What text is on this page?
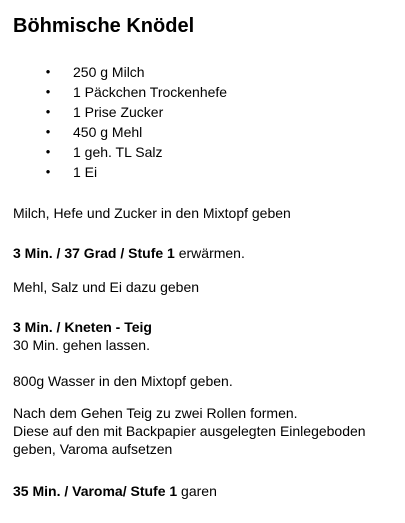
Böhmische Knödel
• 250 g Milch
• 1 Päckchen Trockenhefe
• 1 Prise Zucker
• 450 g Mehl
• 1 geh. TL Salz
• 1 Ei

Milch, Hefe und Zucker in den Mixtopf geben

3 Min. / 37 Grad / Stufe 1 erwärmen.

Mehl, Salz und Ei dazu geben

3 Min. / Kneten - Teig
30 Min. gehen lassen.

800g Wasser in den Mixtopf geben.

Nach dem Gehen Teig zu zwei Rollen formen.
Diese auf den mit Backpapier ausgelegten Einlegeboden
geben, Varoma aufsetzen

35 Min. / Varoma/ Stufe 1 garen
